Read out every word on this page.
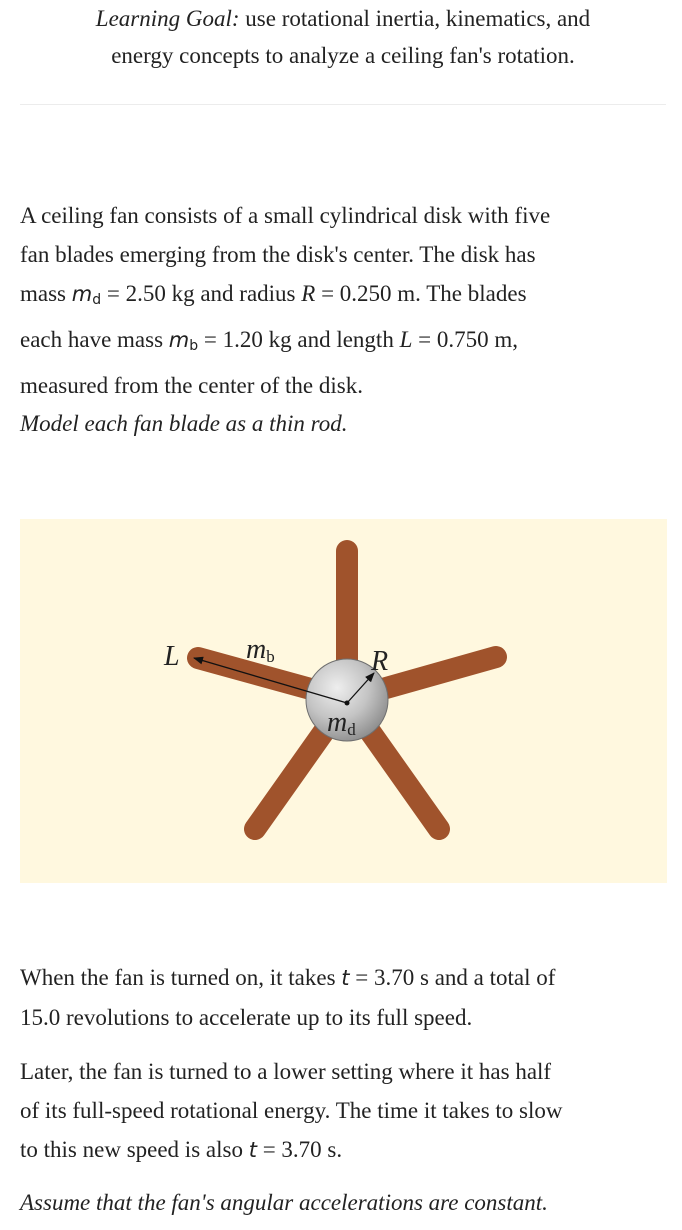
Learning Goal: use rotational inertia, kinematics, and
energy concepts to analyze a ceiling fan's rotation.

A ceiling fan consists of a small cylindrical disk with five
fan blades emerging from the disk's center. The disk has
mass $m_d = 2.50$ kg and radius R = 0.250 m. The blades
each have mass $m_b = 1.20$ kg and length L = 0.750 m,
measured from the center of the disk.

Model each fan blade as a thin rod.

L $m_b$	R
$m_d$

When the fan is turned on, it takes t = 3.70 s and a total of
15.0 revolutions to accelerate up to its full speed.

Later, the fan is turned to a lower setting where it has half
of its full-speed rotational energy. The time it takes to slow
to this new speed is also t = 3.70 s.

Assume that the fan's angular accelerations are constant.
